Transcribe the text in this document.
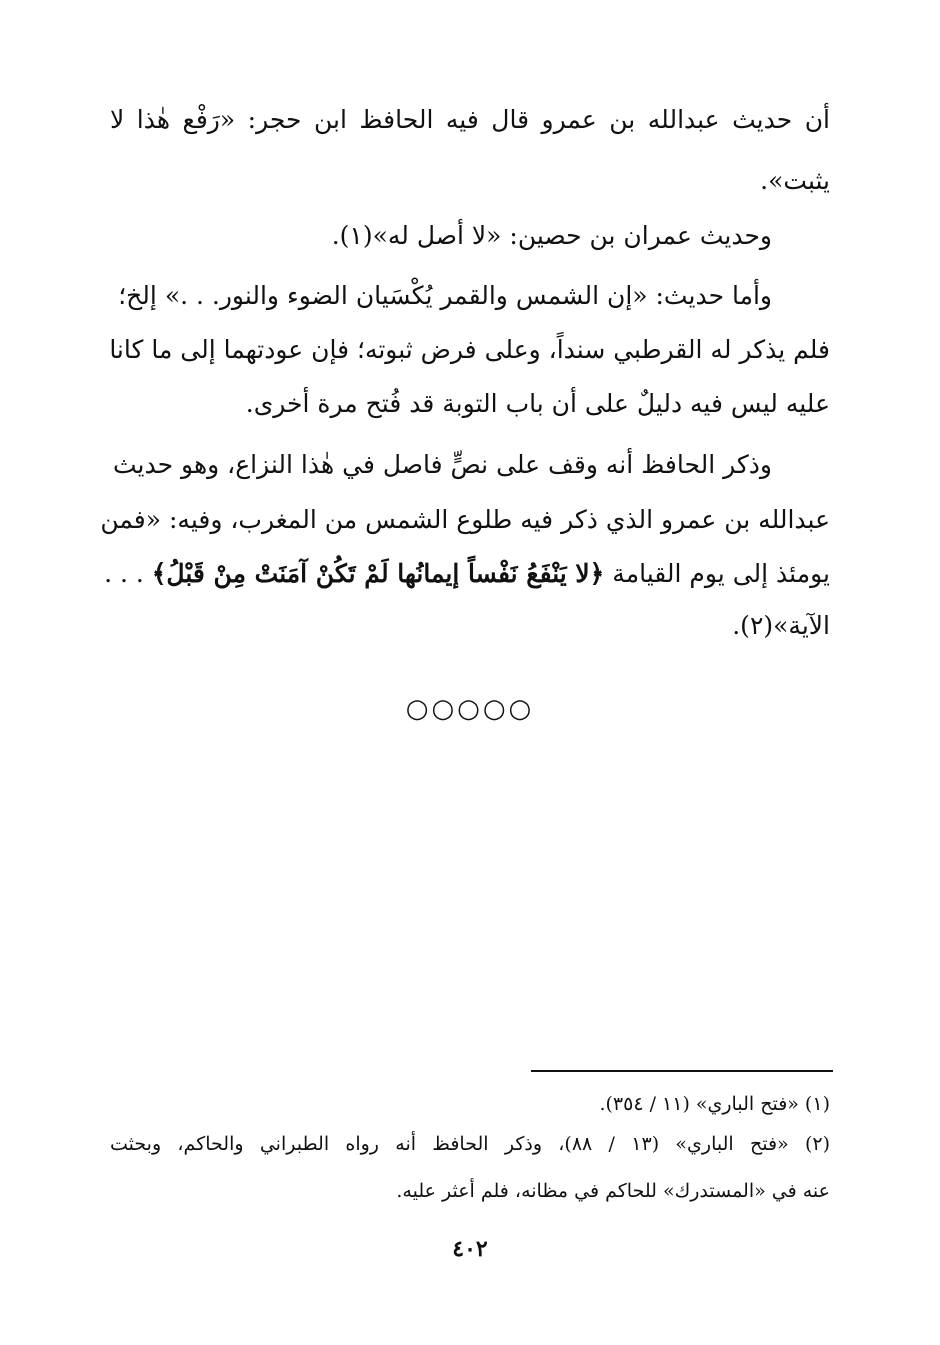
أن حديث عبدالله بن عمرو قال فيه الحافظ ابن حجر: «رَفْع هٰذا لا
يثبت».
وحديث عمران بن حصين: «لا أصل له»(١).
وأما حديث: «إن الشمس والقمر يُكْسَيان الضوء والنور. . .» إلخ؛
فلم يذكر له القرطبي سنداً، وعلى فرض ثبوته؛ فإن عودتهما إلى ما كانا
عليه ليس فيه دليلٌ على أن باب التوبة قد فُتح مرة أخرى.
وذكر الحافظ أنه وقف على نصٍّ فاصل في هٰذا النزاع، وهو حديث
عبدالله بن عمرو الذي ذكر فيه طلوع الشمس من المغرب، وفيه: «فمن
يومئذ إلى يوم القيامة ﴿لا يَنْفَعُ نَفْساً إيمانُها لَمْ تَكُنْ آمَنَتْ مِنْ قَبْلُ﴾ . . .
الآية»(٢).
○○○○○
(١) «فتح الباري» (١١ / ٣٥٤).
(٢) «فتح الباري» (١٣ / ٨٨)، وذكر الحافظ أنه رواه الطبراني والحاكم، وبحثت
عنه في «المستدرك» للحاكم في مظانه، فلم أعثر عليه.
٤٠٢
